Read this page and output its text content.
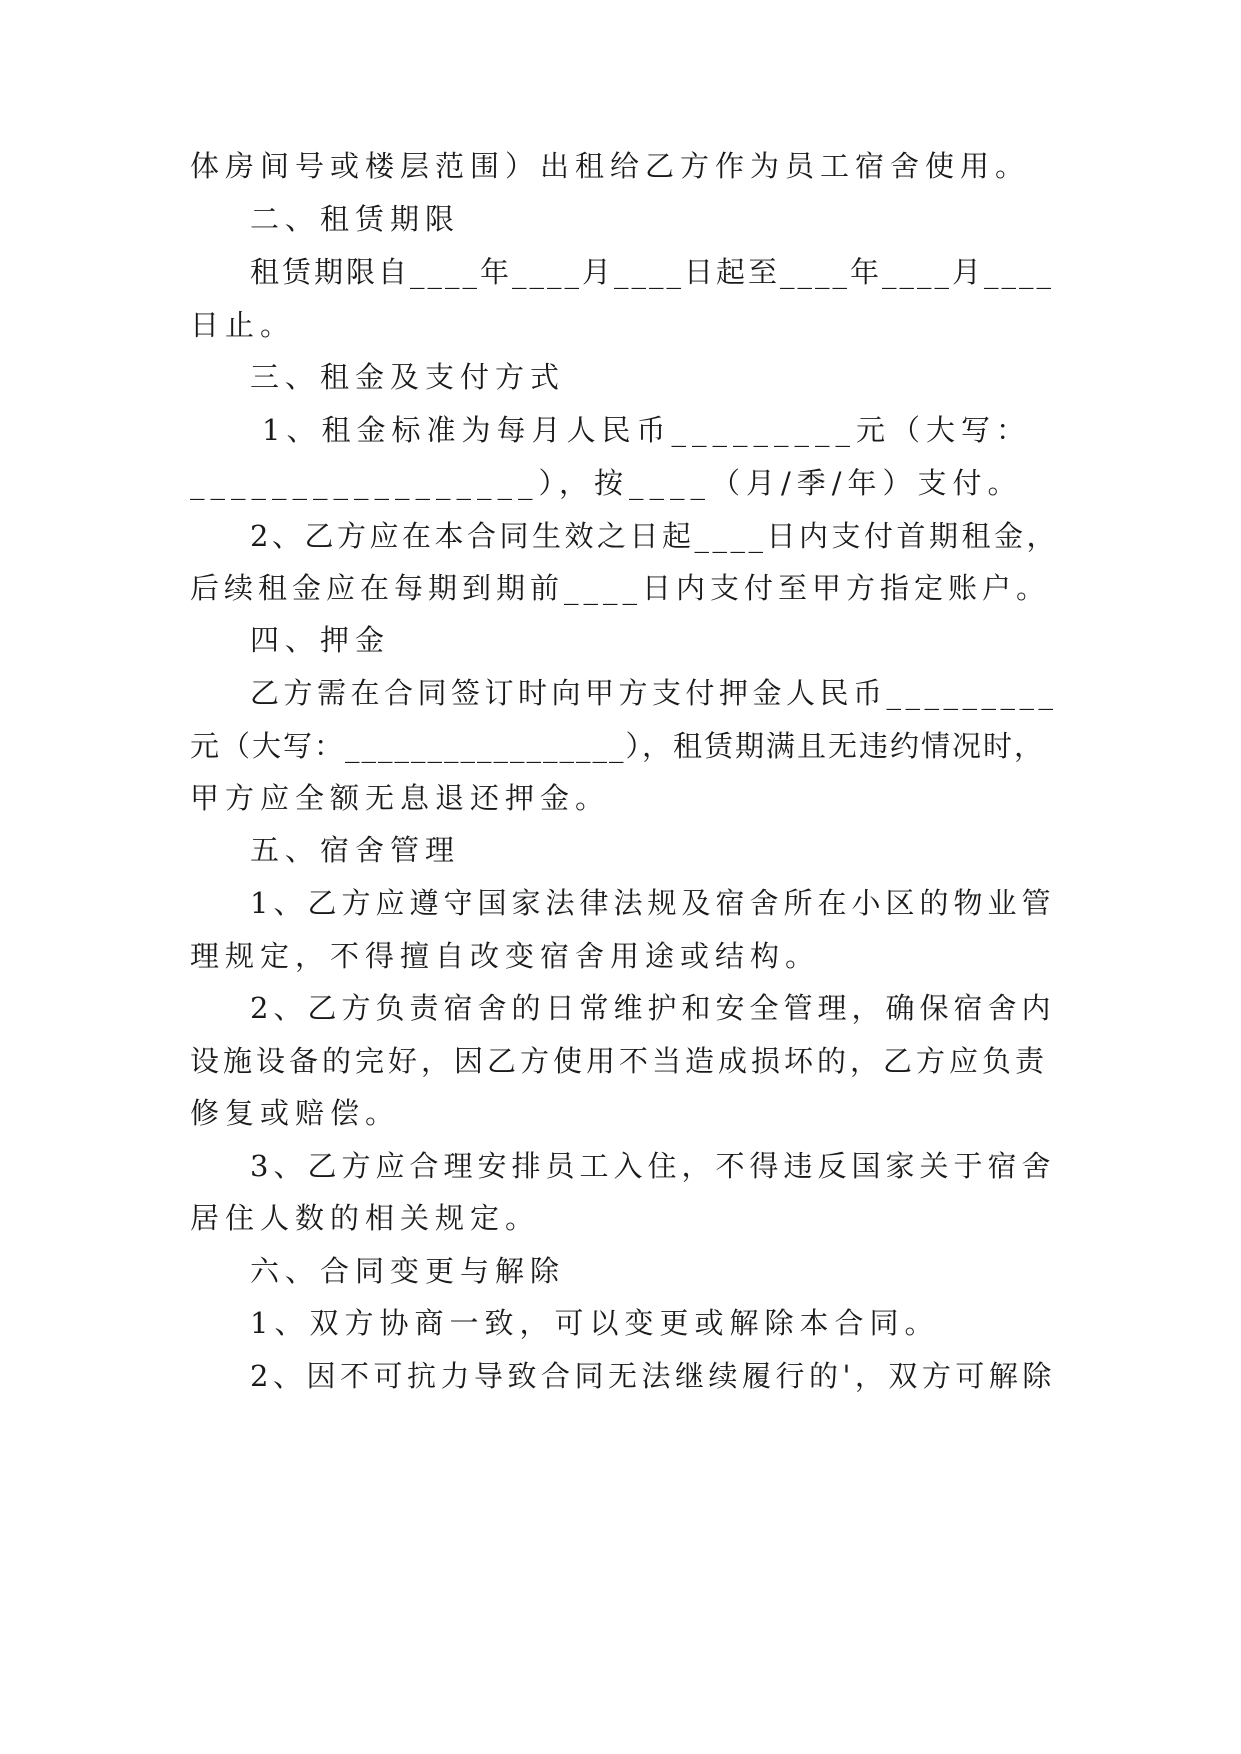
体房间号或楼层范围）出租给乙方作为员工宿舍使用。
二、租赁期限
租赁期限自____年____月____日起至____年____月____
日止。
三、租金及支付方式
1、租金标准为每月人民币_________元（大写：
_________________），按____（月/季/年）支付。
2、乙方应在本合同生效之日起____日内支付首期租金，
后续租金应在每期到期前____日内支付至甲方指定账户。
四、押金
乙方需在合同签订时向甲方支付押金人民币_________
元（大写：_________________），租赁期满且无违约情况时，
甲方应全额无息退还押金。
五、宿舍管理
1、乙方应遵守国家法律法规及宿舍所在小区的物业管
理规定，不得擅自改变宿舍用途或结构。
2、乙方负责宿舍的日常维护和安全管理，确保宿舍内
设施设备的完好，因乙方使用不当造成损坏的，乙方应负责
修复或赔偿。
3、乙方应合理安排员工入住，不得违反国家关于宿舍
居住人数的相关规定。
六、合同变更与解除
1、双方协商一致，可以变更或解除本合同。
2、因不可抗力导致合同无法继续履行的'，双方可解除
